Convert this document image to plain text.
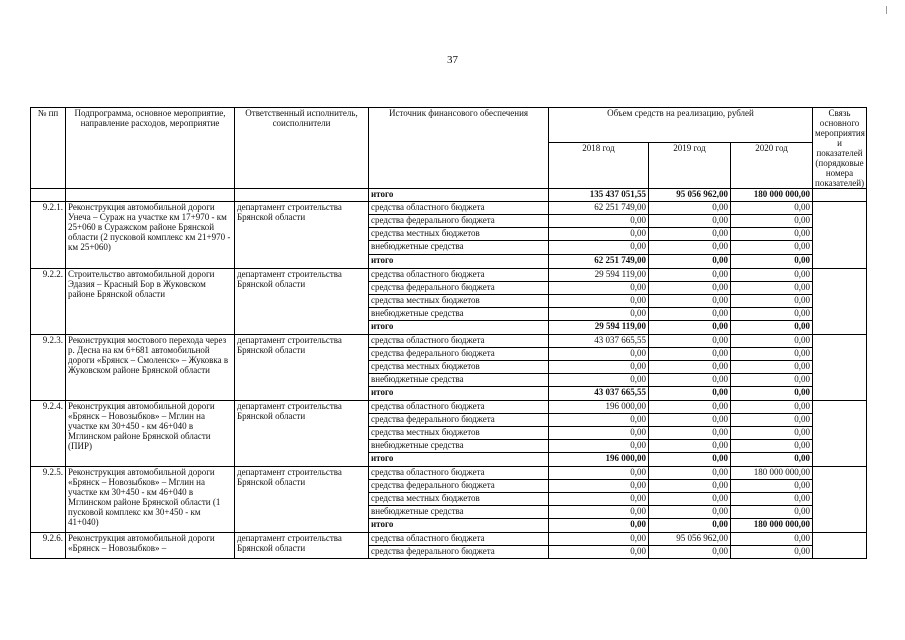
37
№ пп	Подпрограмма, основное мероприятие, направление расходов, мероприятие	Ответственный исполнитель, соисполнители	Источник финансового обеспечения	Объем средств на реализацию, рублей			Связь основного мероприятия и показателей (порядковые номера показателей)
				2018 год	2019 год	2020 год	
			итого	135 437 051,55	95 056 962,00	180 000 000,00	
9.2.1.	Реконструкция автомобильной дороги Унеча – Сураж на участке км 17+970 - км 25+060 в Суражском районе Брянской области (2 пусковой комплекс км 21+970 - км 25+060)	департамент строительства Брянской области	средства областного бюджета	62 251 749,00	0,00	0,00	
			средства федерального бюджета	0,00	0,00	0,00	
			средства местных бюджетов	0,00	0,00	0,00	
			внебюджетные средства	0,00	0,00	0,00	
			итого	62 251 749,00	0,00	0,00	
9.2.2.	Строительство автомобильной дороги Эдазия – Красный Бор в Жуковском районе Брянской области	департамент строительства Брянской области	средства областного бюджета	29 594 119,00	0,00	0,00	
			средства федерального бюджета	0,00	0,00	0,00	
			средства местных бюджетов	0,00	0,00	0,00	
			внебюджетные средства	0,00	0,00	0,00	
			итого	29 594 119,00	0,00	0,00	
9.2.3.	Реконструкция мостового перехода через р. Десна на км 6+681 автомобильной дороги «Брянск – Смоленск» – Жуковка в Жуковском районе Брянской области	департамент строительства Брянской области	средства областного бюджета	43 037 665,55	0,00	0,00	
			средства федерального бюджета	0,00	0,00	0,00	
			средства местных бюджетов	0,00	0,00	0,00	
			внебюджетные средства	0,00	0,00	0,00	
			итого	43 037 665,55	0,00	0,00	
9.2.4.	Реконструкция автомобильной дороги «Брянск – Новозыбков» – Мглин на участке км 30+450 - км 46+040 в Мглинском районе Брянской области (ПИР)	департамент строительства Брянской области	средства областного бюджета	196 000,00	0,00	0,00	
			средства федерального бюджета	0,00	0,00	0,00	
			средства местных бюджетов	0,00	0,00	0,00	
			внебюджетные средства	0,00	0,00	0,00	
			итого	196 000,00	0,00	0,00	
9.2.5.	Реконструкция автомобильной дороги «Брянск – Новозыбков» – Мглин на участке км 30+450 - км 46+040 в Мглинском районе Брянской области (1 пусковой комплекс км 30+450 - км 41+040)	департамент строительства Брянской области	средства областного бюджета	0,00	0,00	180 000 000,00	
			средства федерального бюджета	0,00	0,00	0,00	
			средства местных бюджетов	0,00	0,00	0,00	
			внебюджетные средства	0,00	0,00	0,00	
			итого	0,00	0,00	180 000 000,00	
9.2.6.	Реконструкция автомобильной дороги «Брянск – Новозыбков» –	департамент строительства Брянской области	средства областного бюджета	0,00	95 056 962,00	0,00	
			средства федерального бюджета	0,00	0,00	0,00	
